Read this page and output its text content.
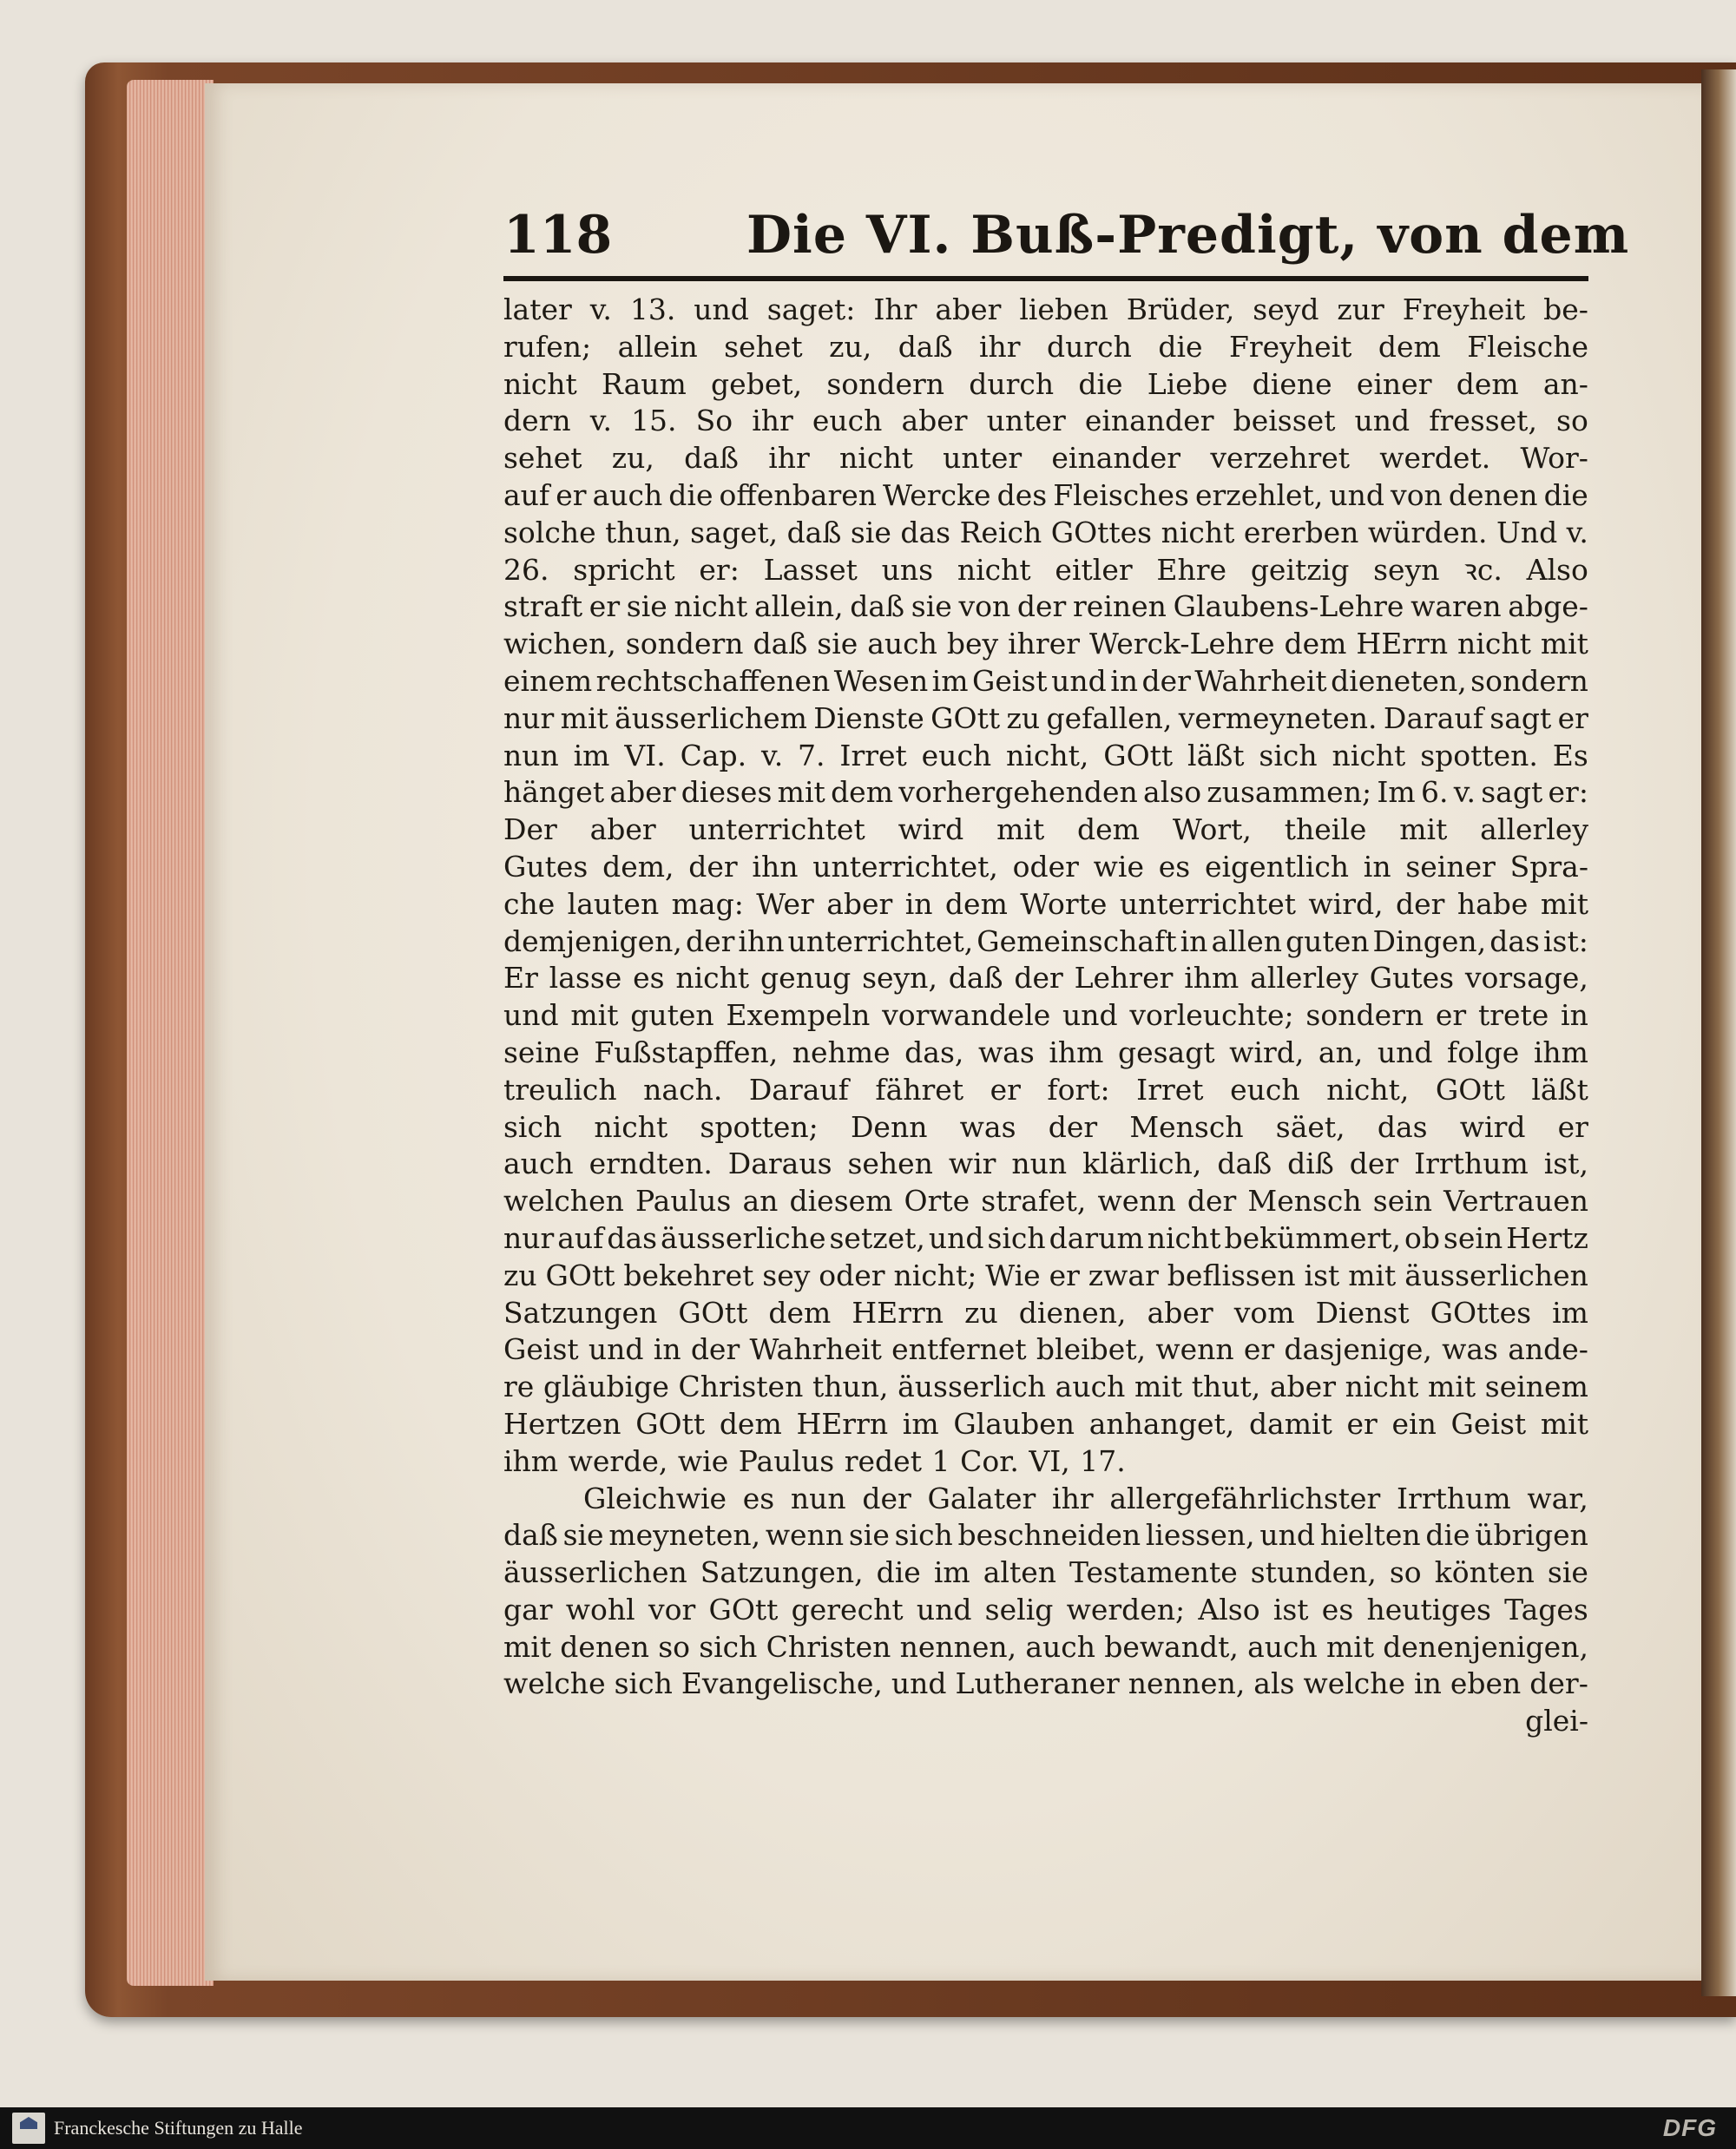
118	Die VI. Buß-Predigt, von dem
later v. 13. und saget: Ihr aber lieben Brüder, seyd zur Freyheit be-
rufen; allein sehet zu, daß ihr durch die Freyheit dem Fleische
nicht Raum gebet, sondern durch die Liebe diene einer dem an-
dern v. 15. So ihr euch aber unter einander beisset und fresset, so
sehet zu, daß ihr nicht unter einander verzehret werdet. Wor-
auf er auch die offenbaren Wercke des Fleisches erzehlet, und von denen die
solche thun, saget, daß sie das Reich GOttes nicht ererben würden. Und v.
26. spricht er: Lasset uns nicht eitler Ehre geitzig seyn ꝛc. Also
straft er sie nicht allein, daß sie von der reinen Glaubens-Lehre waren abge-
wichen, sondern daß sie auch bey ihrer Werck-Lehre dem HErrn nicht mit
einem rechtschaffenen Wesen im Geist und in der Wahrheit dieneten, sondern
nur mit äusserlichem Dienste GOtt zu gefallen, vermeyneten. Darauf sagt er
nun im VI. Cap. v. 7. Irret euch nicht, GOtt läßt sich nicht spotten. Es
hänget aber dieses mit dem vorhergehenden also zusammen; Im 6. v. sagt er:
Der aber unterrichtet wird mit dem Wort, theile mit allerley
Gutes dem, der ihn unterrichtet, oder wie es eigentlich in seiner Spra-
che lauten mag: Wer aber in dem Worte unterrichtet wird, der habe mit
demjenigen, der ihn unterrichtet, Gemeinschaft in allen guten Dingen, das ist:
Er lasse es nicht genug seyn, daß der Lehrer ihm allerley Gutes vorsage,
und mit guten Exempeln vorwandele und vorleuchte; sondern er trete in
seine Fußstapffen, nehme das, was ihm gesagt wird, an, und folge ihm
treulich nach. Darauf fähret er fort: Irret euch nicht, GOtt läßt
sich nicht spotten; Denn was der Mensch säet, das wird er
auch erndten. Daraus sehen wir nun klärlich, daß diß der Irrthum ist,
welchen Paulus an diesem Orte strafet, wenn der Mensch sein Vertrauen
nur auf das äusserliche setzet, und sich darum nicht bekümmert, ob sein Hertz
zu GOtt bekehret sey oder nicht; Wie er zwar beflissen ist mit äusserlichen
Satzungen GOtt dem HErrn zu dienen, aber vom Dienst GOttes im
Geist und in der Wahrheit entfernet bleibet, wenn er dasjenige, was ande-
re gläubige Christen thun, äusserlich auch mit thut, aber nicht mit seinem
Hertzen GOtt dem HErrn im Glauben anhanget, damit er ein Geist mit
ihm werde, wie Paulus redet 1 Cor. VI, 17.
Gleichwie es nun der Galater ihr allergefährlichster Irrthum war,
daß sie meyneten, wenn sie sich beschneiden liessen, und hielten die übrigen
äusserlichen Satzungen, die im alten Testamente stunden, so könten sie
gar wohl vor GOtt gerecht und selig werden; Also ist es heutiges Tages
mit denen so sich Christen nennen, auch bewandt, auch mit denenjenigen,
welche sich Evangelische, und Lutheraner nennen, als welche in eben der-
glei-
Franckesche Stiftungen zu Halle	DFG
